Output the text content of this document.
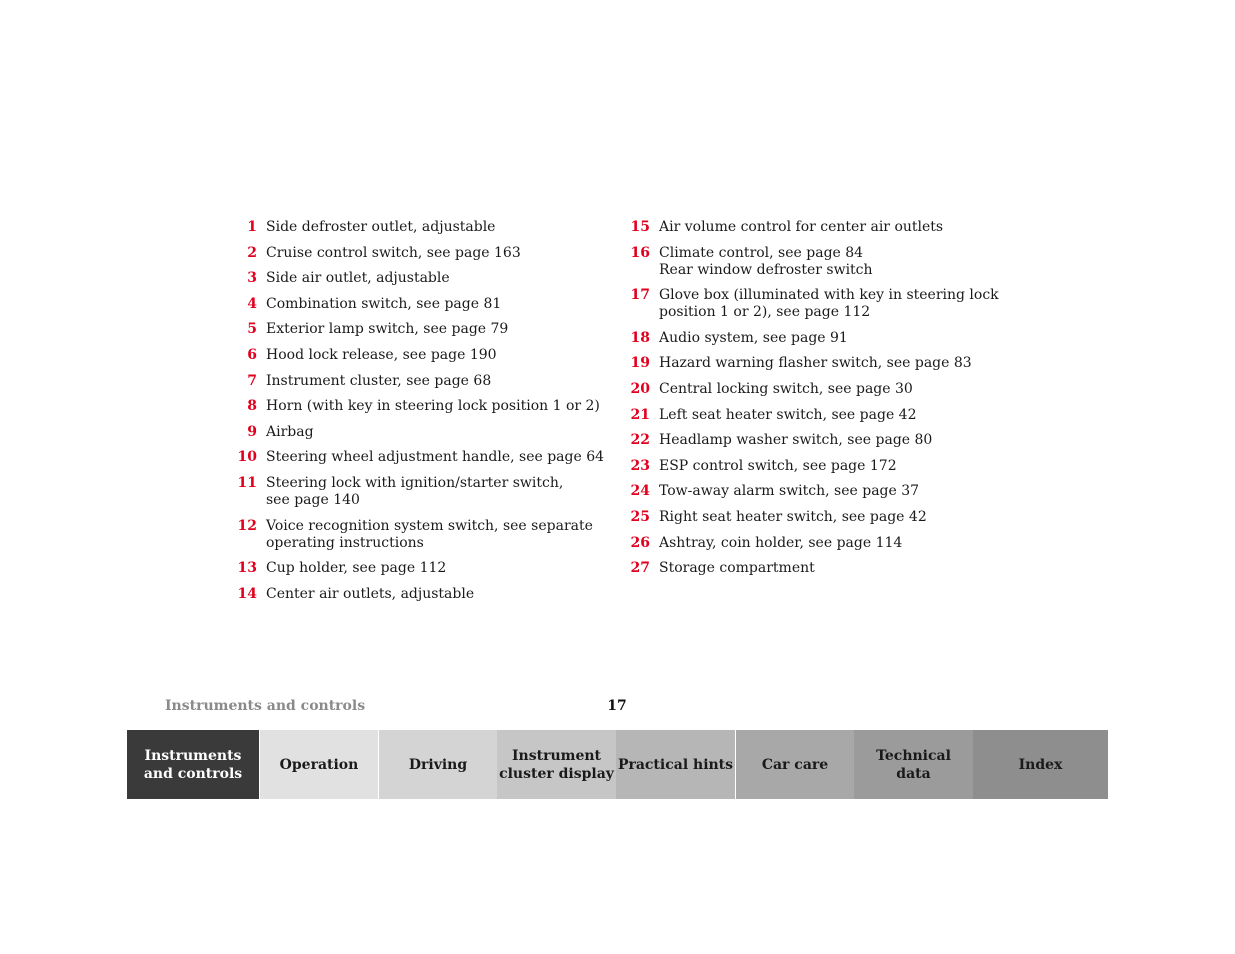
1 Side defroster outlet, adjustable
2 Cruise control switch, see page 163
3 Side air outlet, adjustable
4 Combination switch, see page 81
5 Exterior lamp switch, see page 79
6 Hood lock release, see page 190
7 Instrument cluster, see page 68
8 Horn (with key in steering lock position 1 or 2)
9 Airbag
10 Steering wheel adjustment handle, see page 64
11 Steering lock with ignition/starter switch,
see page 140
12 Voice recognition system switch, see separate
operating instructions
13 Cup holder, see page 112
14 Center air outlets, adjustable
15 Air volume control for center air outlets
16 Climate control, see page 84
Rear window defroster switch
17 Glove box (illuminated with key in steering lock
position 1 or 2), see page 112
18 Audio system, see page 91
19 Hazard warning flasher switch, see page 83
20 Central locking switch, see page 30
21 Left seat heater switch, see page 42
22 Headlamp washer switch, see page 80
23 ESP control switch, see page 172
24 Tow-away alarm switch, see page 37
25 Right seat heater switch, see page 42
26 Ashtray, coin holder, see page 114
27 Storage compartment
Instruments and controls	17
Instruments
and controls
Operation	Driving
Instrument
cluster display
Practical hints Car care
Technical
data
Index
